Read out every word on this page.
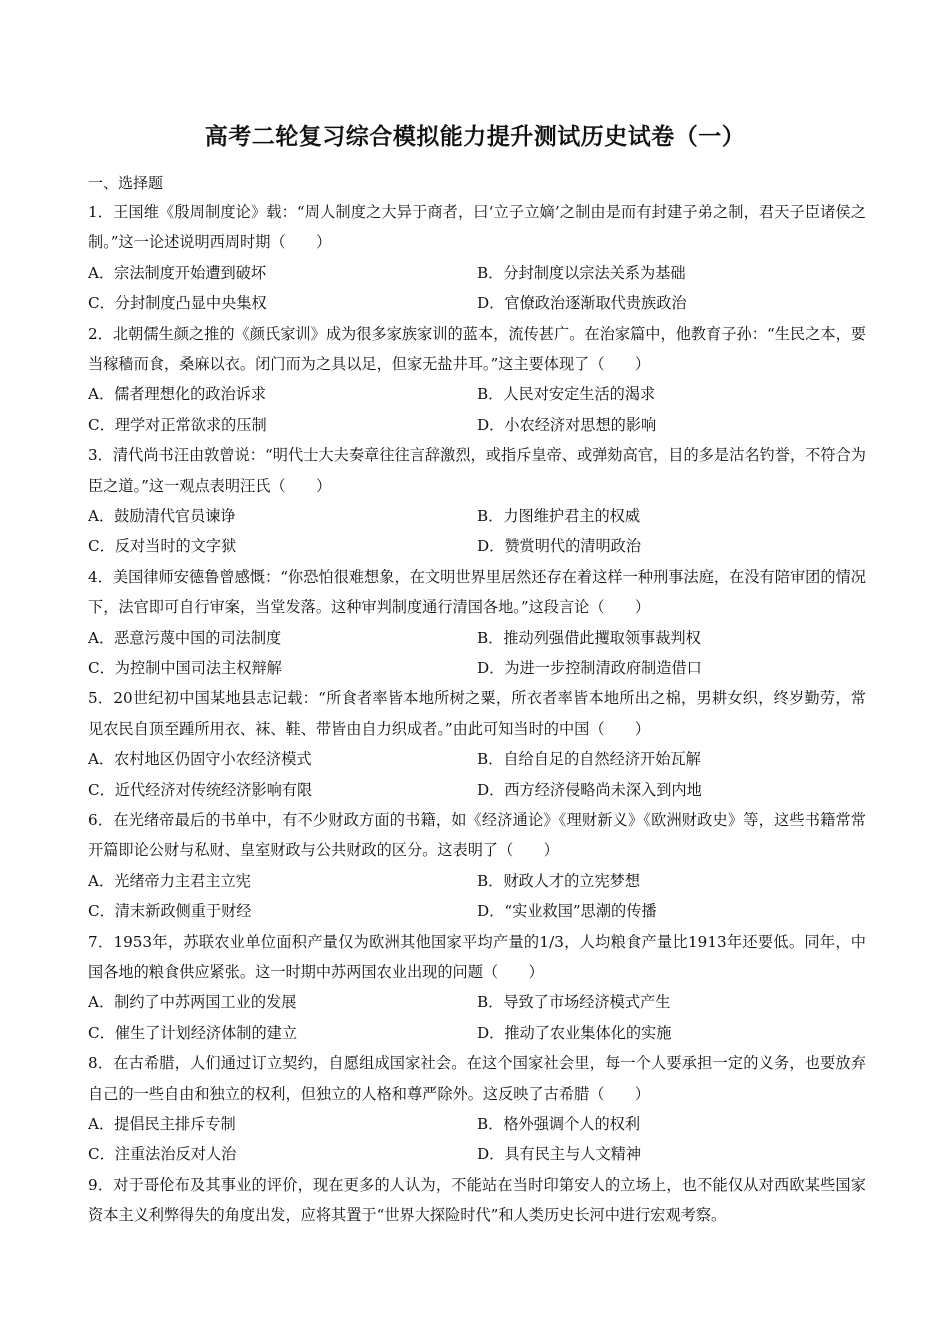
高考二轮复习综合模拟能力提升测试历史试卷（一）
一、选择题
1．王国维《殷周制度论》载：“周人制度之大异于商者，曰‘立子立嫡’之制由是而有封建子弟之制，君天子臣诸侯之制。”这一论述说明西周时期（　　）
A．宗法制度开始遭到破坏	B．分封制度以宗法关系为基础
C．分封制度凸显中央集权	D．官僚政治逐渐取代贵族政治
2．北朝儒生颜之推的《颜氏家训》成为很多家族家训的蓝本，流传甚广。在治家篇中，他教育子孙：“生民之本，要当稼穑而食，桑麻以衣。闭门而为之具以足，但家无盐井耳。”这主要体现了（　　）
A．儒者理想化的政治诉求	B．人民对安定生活的渴求
C．理学对正常欲求的压制	D．小农经济对思想的影响
3．清代尚书汪由敦曾说：“明代士大夫奏章往往言辞激烈，或指斥皇帝、或弹劾高官，目的多是沽名钓誉，不符合为臣之道。”这一观点表明汪氏（　　）
A．鼓励清代官员谏诤	B．力图维护君主的权威
C．反对当时的文字狱	D．赞赏明代的清明政治
4．美国律师安德鲁曾感慨：“你恐怕很难想象，在文明世界里居然还存在着这样一种刑事法庭，在没有陪审团的情况下，法官即可自行审案，当堂发落。这种审判制度通行清国各地。”这段言论（　　）
A．恶意污蔑中国的司法制度	B．推动列强借此攫取领事裁判权
C．为控制中国司法主权辩解	D．为进一步控制清政府制造借口
5．20世纪初中国某地县志记载：“所食者率皆本地所树之粟，所衣者率皆本地所出之棉，男耕女织，终岁勤劳，常见农民自顶至踵所用衣、袜、鞋、带皆由自力织成者。”由此可知当时的中国（　　）
A．农村地区仍固守小农经济模式	B．自给自足的自然经济开始瓦解
C．近代经济对传统经济影响有限	D．西方经济侵略尚未深入到内地
6．在光绪帝最后的书单中，有不少财政方面的书籍，如《经济通论》《理财新义》《欧洲财政史》等，这些书籍常常开篇即论公财与私财、皇室财政与公共财政的区分。这表明了（　　）
A．光绪帝力主君主立宪	B．财政人才的立宪梦想
C．清末新政侧重于财经	D．“实业救国”思潮的传播
7．1953年，苏联农业单位面积产量仅为欧洲其他国家平均产量的1/3，人均粮食产量比1913年还要低。同年，中国各地的粮食供应紧张。这一时期中苏两国农业出现的问题（　　）
A．制约了中苏两国工业的发展	B．导致了市场经济模式产生
C．催生了计划经济体制的建立	D．推动了农业集体化的实施
8．在古希腊，人们通过订立契约，自愿组成国家社会。在这个国家社会里，每一个人要承担一定的义务，也要放弃自己的一些自由和独立的权利，但独立的人格和尊严除外。这反映了古希腊（　　）
A．提倡民主排斥专制	B．格外强调个人的权利
C．注重法治反对人治	D．具有民主与人文精神
9．对于哥伦布及其事业的评价，现在更多的人认为，不能站在当时印第安人的立场上，也不能仅从对西欧某些国家资本主义利弊得失的角度出发，应将其置于“世界大探险时代”和人类历史长河中进行宏观考察。
